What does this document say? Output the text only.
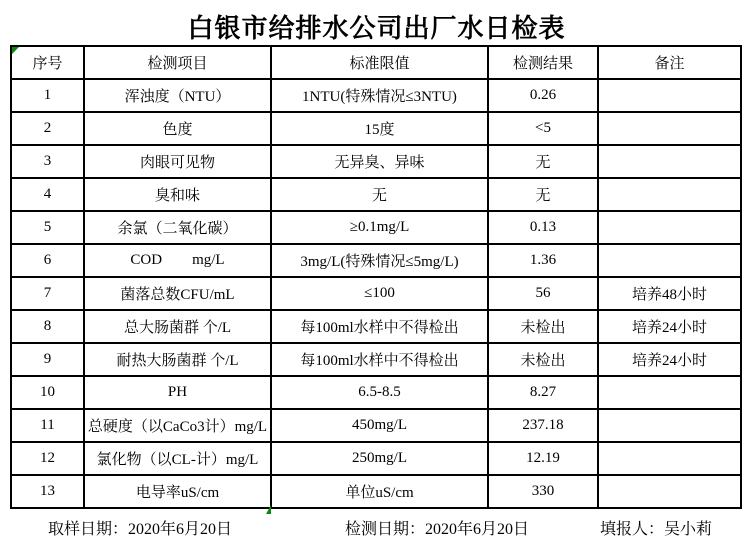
白银市给排水公司出厂水日检表
序号	检测项目	标准限值	检测结果	备注
1	浑浊度（NTU）	1NTU(特殊情况≤3NTU)	0.26	
2	色度	15度	<5	
3	肉眼可见物	无异臭、异味	无	
4	臭和味	无	无	
5	余氯（二氧化碳）	≥0.1mg/L	0.13	
6	COD        mg/L	3mg/L(特殊情况≤5mg/L)	1.36	
7	菌落总数CFU/mL	≤100	56	培养48小时
8	总大肠菌群 个/L	每100ml水样中不得检出	未检出	培养24小时
9	耐热大肠菌群 个/L	每100ml水样中不得检出	未检出	培养24小时
10	PH	6.5-8.5	8.27	
11	总硬度（以CaCo3计）mg/L	450mg/L	237.18	
12	氯化物（以CL-计）mg/L	250mg/L	12.19	
13	电导率uS/cm	单位uS/cm	330	
取样日期：2020年6月20日	检测日期：2020年6月20日	填报人：吴小莉
